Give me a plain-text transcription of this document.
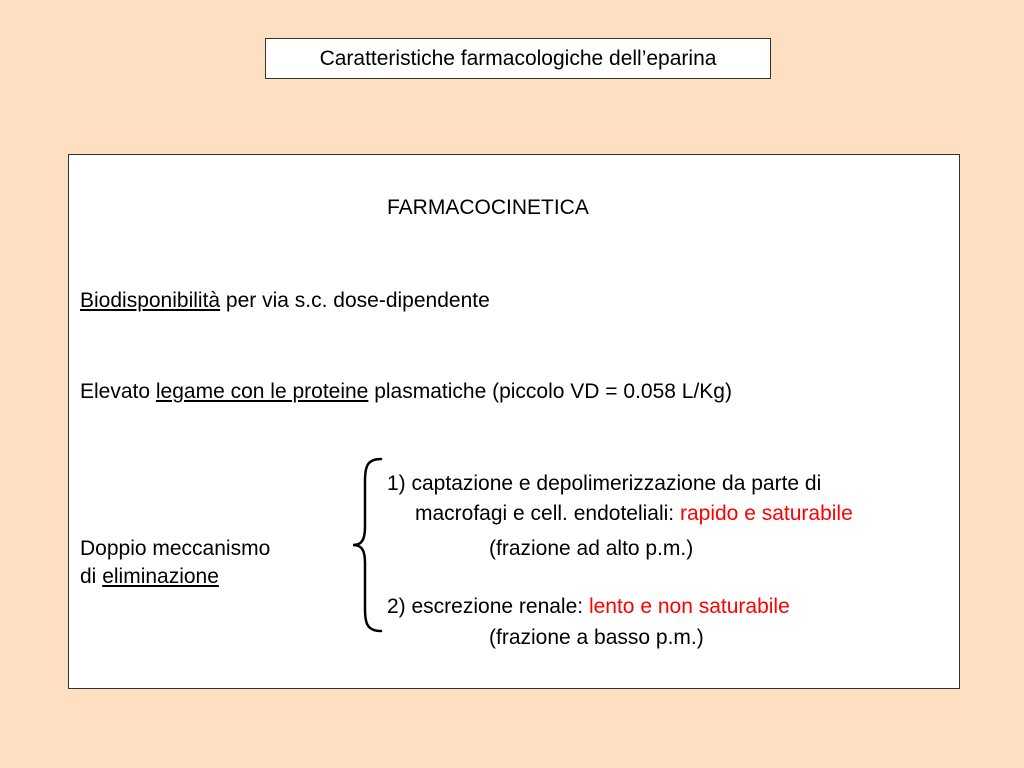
Caratteristiche farmacologiche dell’eparina
FARMACOCINETICA
Biodisponibilità per via s.c. dose-dipendente
Elevato legame con le proteine plasmatiche (piccolo VD = 0.058 L/Kg)
Doppio meccanismo
di eliminazione
1) captazione e depolimerizzazione da parte di
macrofagi e cell. endoteliali: rapido e saturabile
(frazione ad alto p.m.)
2) escrezione renale: lento e non saturabile
(frazione a basso p.m.)
